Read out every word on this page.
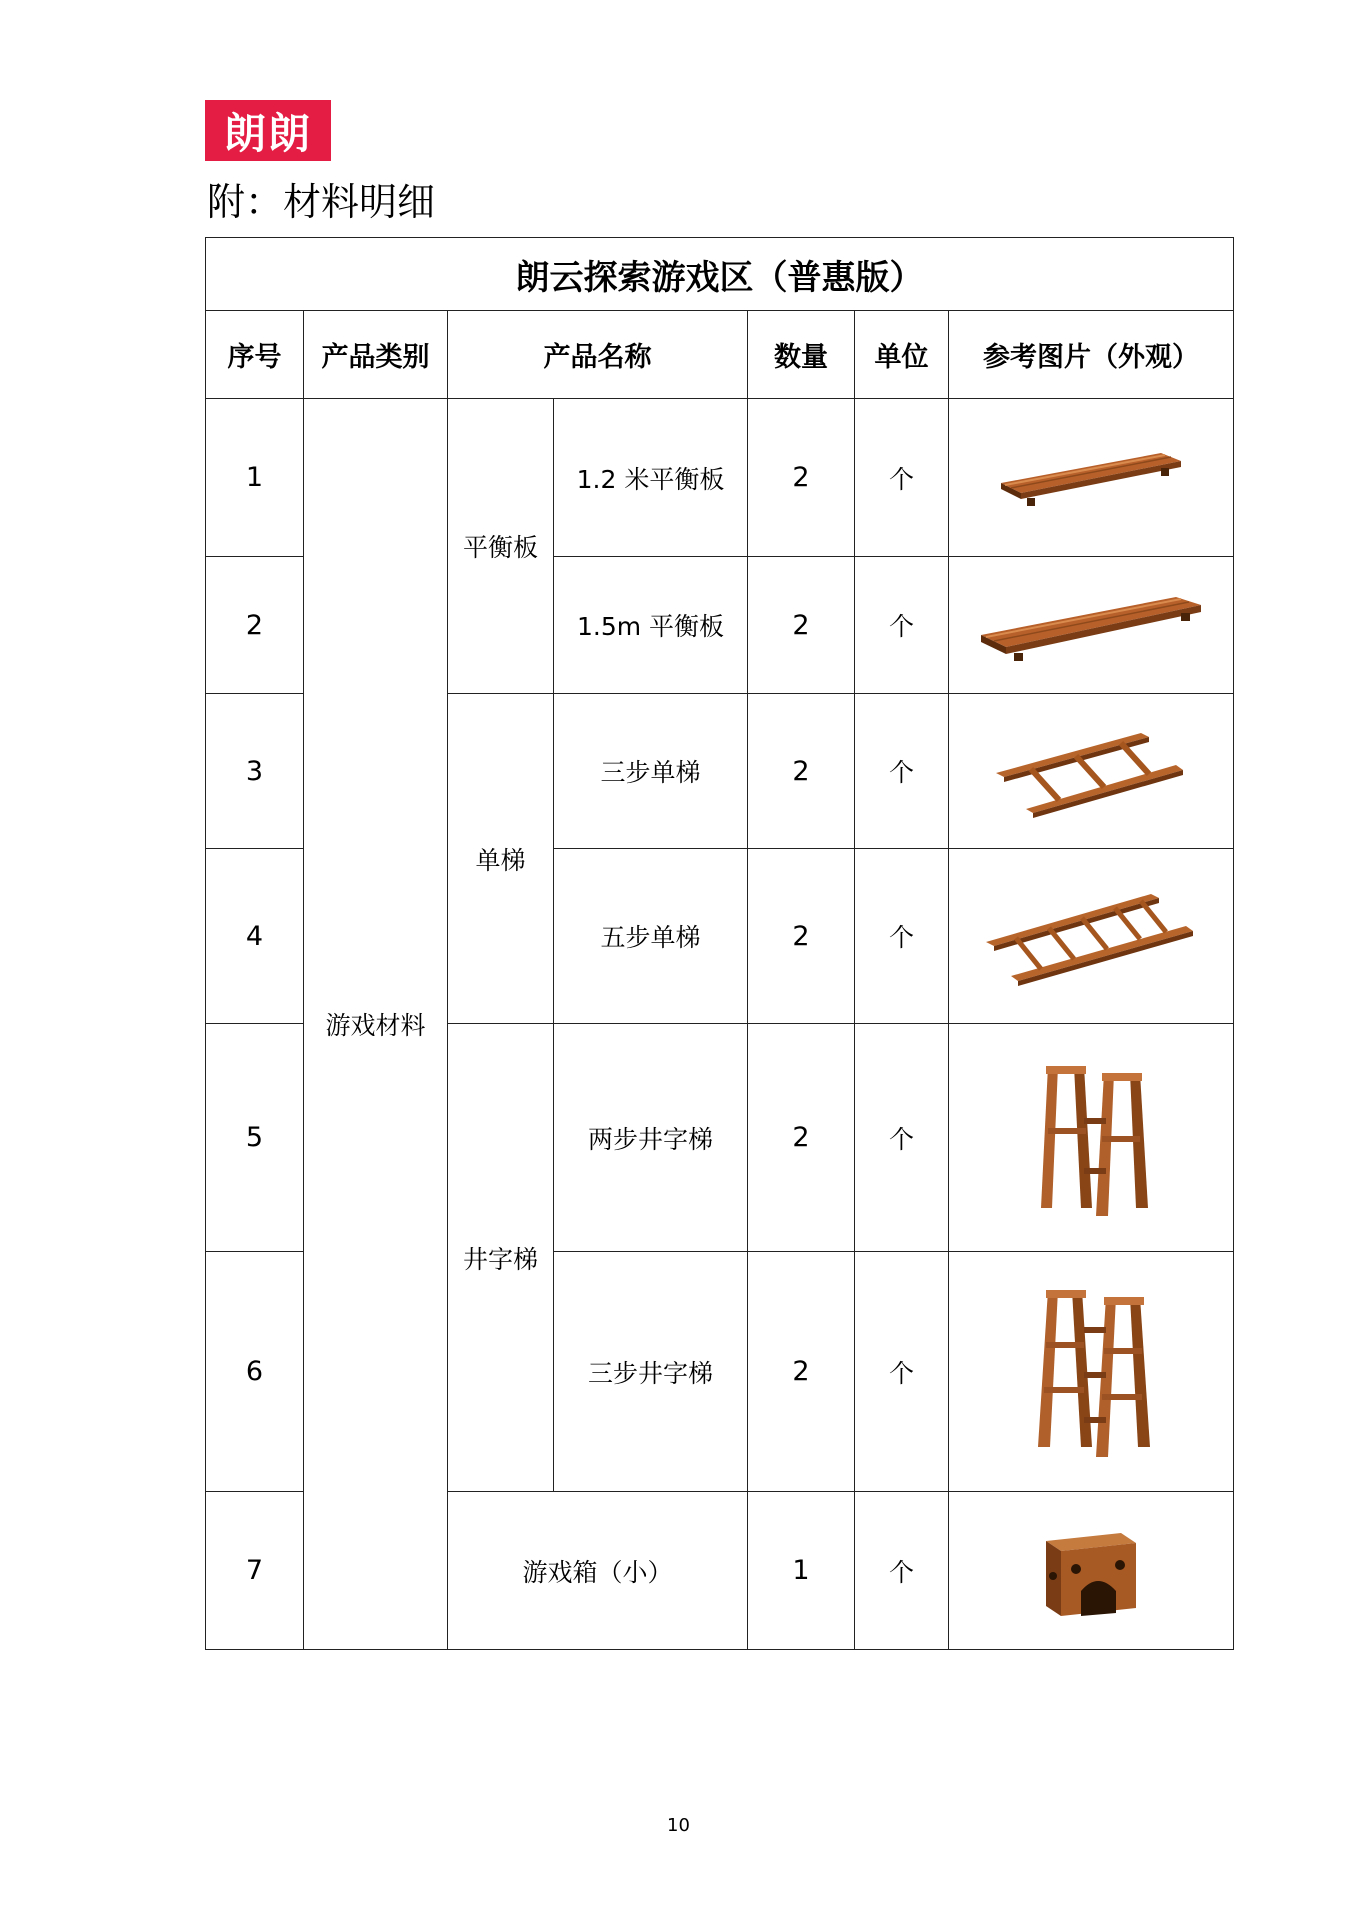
朗朗
附：材料明细
朗云探索游戏区（普惠版）						
序号	产品类别	产品名称		数量	单位	参考图片（外观）
1	游戏材料	平衡板	1.2 米平衡板	2	个	

2			1.5m 平衡板	2	个	

3		单梯	三步单梯	2	个	

4			五步单梯	2	个	

5		井字梯	两步井字梯	2	个	

6			三步井字梯	2	个	

7		游戏箱（小）		1	个	
10
